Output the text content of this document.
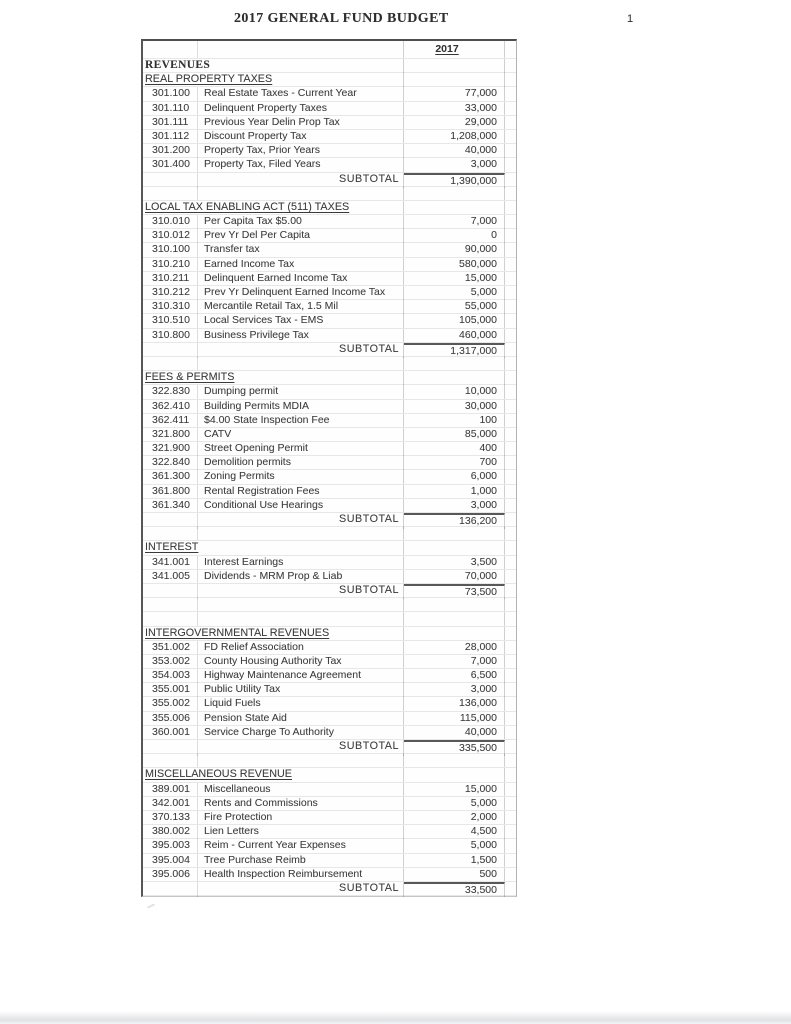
2017 GENERAL FUND BUDGET	1
2017
REVENUES
REAL PROPERTY TAXES
301.100	Real Estate Taxes - Current Year	77,000
301.110	Delinquent Property Taxes	33,000
301.111	Previous Year Delin Prop Tax	29,000
301.112	Discount Property Tax	1,208,000
301.200	Property Tax, Prior Years	40,000
301.400	Property Tax, Filed Years	3,000
SUBTOTAL	1,390,000
LOCAL TAX ENABLING ACT (511) TAXES
310.010	Per Capita Tax $5.00	7,000
310.012	Prev Yr Del Per Capita	0
310.100	Transfer tax	90,000
310.210	Earned Income Tax	580,000
310.211	Delinquent Earned Income Tax	15,000
310.212	Prev Yr Delinquent Earned Income Tax	5,000
310.310	Mercantile Retail Tax, 1.5 Mil	55,000
310.510	Local Services Tax - EMS	105,000
310.800	Business Privilege Tax	460,000
SUBTOTAL	1,317,000
FEES & PERMITS
322.830	Dumping permit	10,000
362.410	Building Permits MDIA	30,000
362.411	$4.00 State Inspection Fee	100
321.800	CATV	85,000
321.900	Street Opening Permit	400
322.840	Demolition permits	700
361.300	Zoning Permits	6,000
361.800	Rental Registration Fees	1,000
361.340	Conditional Use Hearings	3,000
SUBTOTAL	136,200
INTEREST
341.001	Interest Earnings	3,500
341.005	Dividends - MRM Prop & Liab	70,000
SUBTOTAL	73,500
INTERGOVERNMENTAL REVENUES
351.002	FD Relief Association	28,000
353.002	County Housing Authority Tax	7,000
354.003	Highway Maintenance Agreement	6,500
355.001	Public Utility Tax	3,000
355.002	Liquid Fuels	136,000
355.006	Pension State Aid	115,000
360.001	Service Charge To Authority	40,000
SUBTOTAL	335,500
MISCELLANEOUS REVENUE
389.001	Miscellaneous	15,000
342.001	Rents and Commissions	5,000
370.133	Fire Protection	2,000
380.002	Lien Letters	4,500
395.003	Reim - Current Year Expenses	5,000
395.004	Tree Purchase Reimb	1,500
395.006	Health Inspection Reimbursement	500
SUBTOTAL	33,500
